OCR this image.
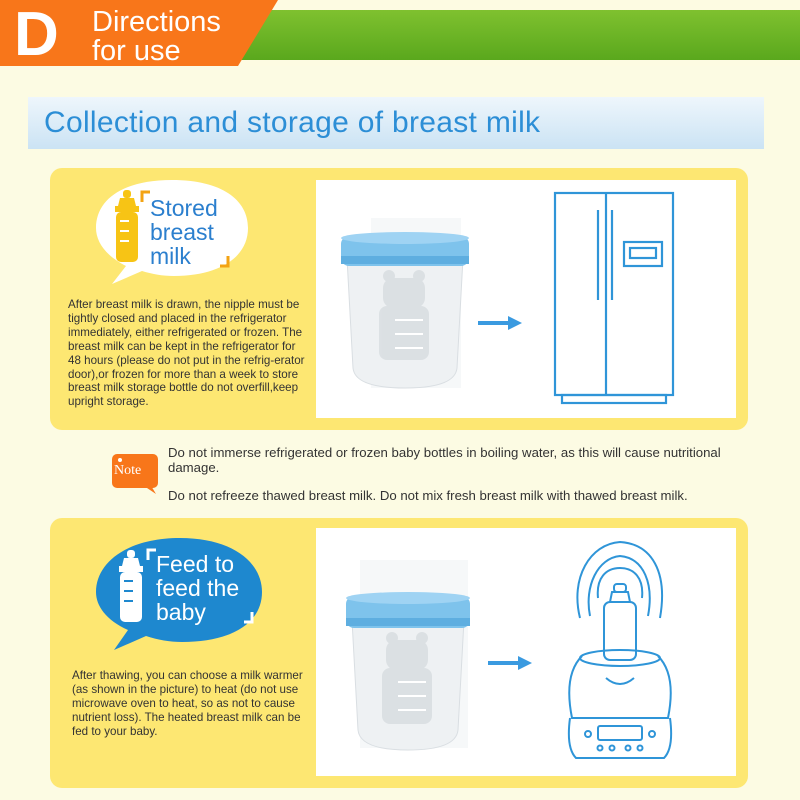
D	Directions
for use
Collection and storage of breast milk
Stored
breast
milk
After breast milk is drawn, the nipple must be tightly closed and placed in the refrigerator immediately, either refrigerated or frozen. The breast milk can be kept in the refrigerator for 48 hours (please do not put in the refrig-erator door),or frozen for more than a week to store breast milk storage bottle do not overfill,keep upright storage.
Note
Do not immerse refrigerated or frozen baby bottles in boiling water, as this will cause nutritional damage.
Do not refreeze thawed breast milk. Do not mix fresh breast milk with thawed breast milk.
Feed to
feed the
baby
After thawing, you can choose a milk warmer (as shown in the picture) to heat (do not use microwave oven to heat, so as not to cause nutrient loss). The heated breast milk can be fed to your baby.
